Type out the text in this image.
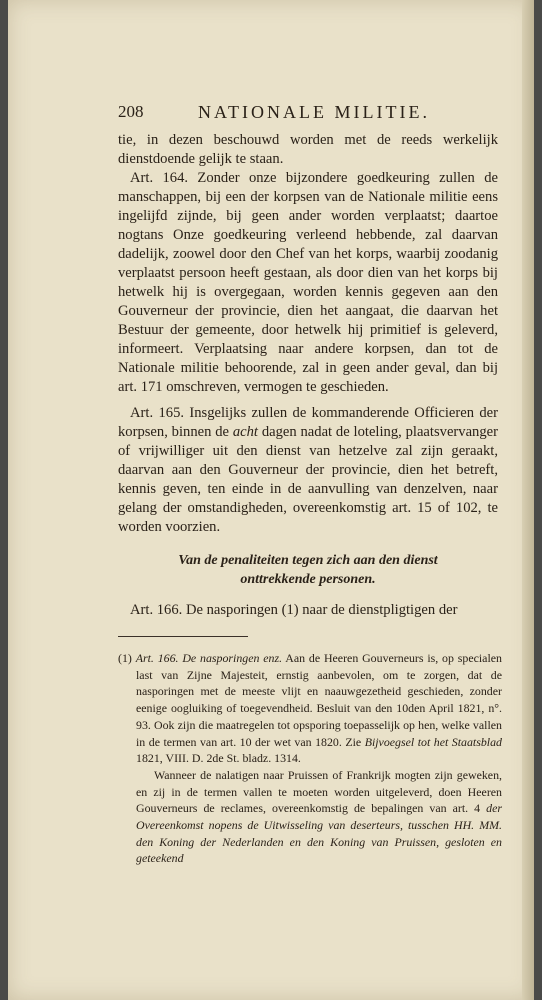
208	NATIONALE MILITIE.

tie, in dezen beschouwd worden met de reeds werkelijk dienstdoende gelijk te staan.

Art. 164. Zonder onze bijzondere goedkeuring zullen de manschappen, bij een der korpsen van de Nationale militie eens ingelijfd zijnde, bij geen ander worden verplaatst; daartoe nogtans Onze goedkeuring verleend hebbende, zal daarvan dadelijk, zoowel door den Chef van het korps, waarbij zoodanig verplaatst persoon heeft gestaan, als door dien van het korps bij hetwelk hij is overgegaan, worden kennis gegeven aan den Gouverneur der provincie, dien het aangaat, die daarvan het Bestuur der gemeente, door hetwelk hij primitief is geleverd, informeert. Verplaatsing naar andere korpsen, dan tot de Nationale militie behoorende, zal in geen ander geval, dan bij art. 171 omschreven, vermogen te geschieden.

Art. 165. Insgelijks zullen de kommanderende Officieren der korpsen, binnen de acht dagen nadat de loteling, plaatsvervanger of vrijwilliger uit den dienst van hetzelve zal zijn geraakt, daarvan aan den Gouverneur der provincie, dien het betreft, kennis geven, ten einde in de aanvulling van denzelven, naar gelang der omstandigheden, overeenkomstig art. 15 of 102, te worden voorzien.

Van de penaliteiten tegen zich aan den dienst
onttrekkende personen.

Art. 166. De nasporingen (1) naar de dienstpligtigen der

(1) Art. 166. De nasporingen enz. Aan de Heeren Gouverneurs is, op specialen last van Zijne Majesteit, ernstig aanbevolen, om te zorgen, dat de nasporingen met de meeste vlijt en naauwgezetheid geschieden, zonder eenige oogluiking of toegevendheid. Besluit van den 10den April 1821, n°. 93. Ook zijn die maatregelen tot opsporing toepasselijk op hen, welke vallen in de termen van art. 10 der wet van 1820. Zie Bijvoegsel tot het Staatsblad 1821, VIII. D. 2de St. bladz. 1314.

Wanneer de nalatigen naar Pruissen of Frankrijk mogten zijn geweken, en zij in de termen vallen te moeten worden uitgeleverd, doen Heeren Gouverneurs de reclames, overeenkomstig de bepalingen van art. 4 der Overeenkomst nopens de Uitwisseling van deserteurs, tusschen HH. MM. den Koning der Nederlanden en den Koning van Pruissen, gesloten en geteekend
